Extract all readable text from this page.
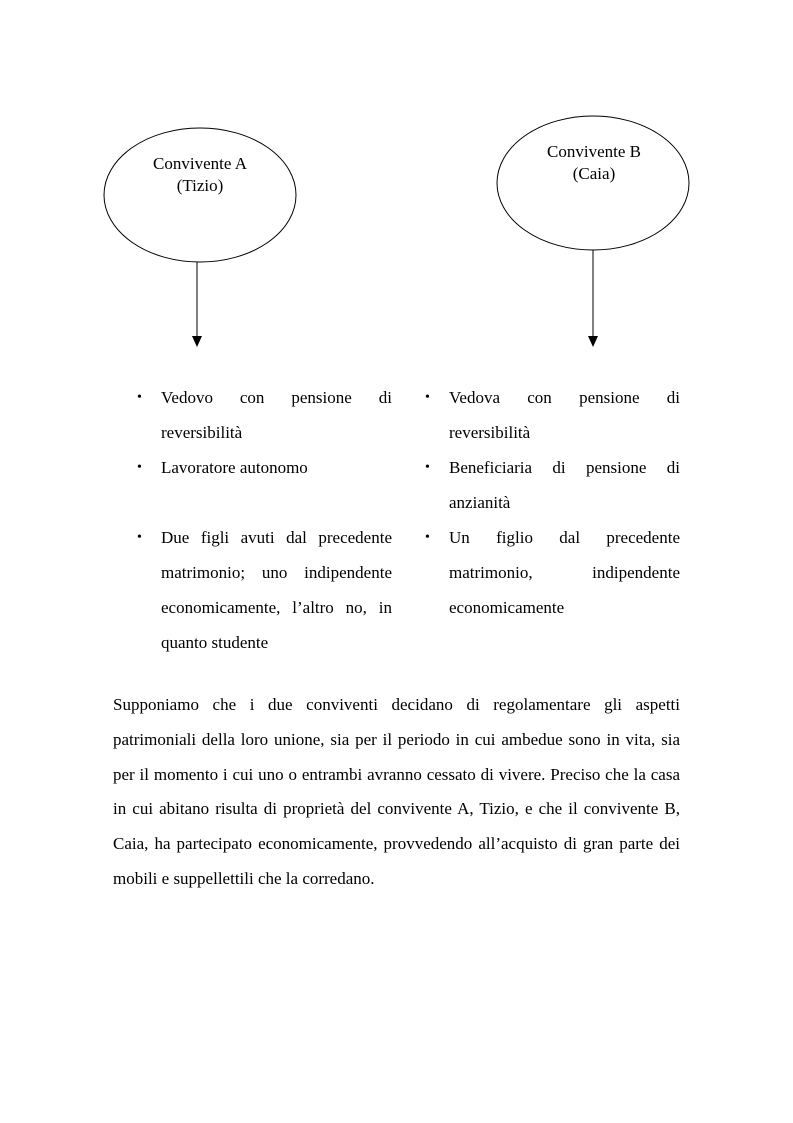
Convivente A
(Tizio)
Convivente B
(Caia)
• Vedovo con pensione di reversibilità
• Lavoratore autonomo
• Due figli avuti dal precedente matrimonio; uno indipendente economicamente, l’altro no, in quanto studente
• Vedova con pensione di reversibilità
• Beneficiaria di pensione di anzianità
• Un figlio dal precedente matrimonio, indipendente economicamente

Supponiamo che i due conviventi decidano di regolamentare gli aspetti patrimoniali della loro unione, sia per il periodo in cui ambedue sono in vita, sia per il momento i cui uno o entrambi avranno cessato di vivere. Preciso che la casa in cui abitano risulta di proprietà del convivente A, Tizio, e che il convivente B, Caia, ha partecipato economicamente, provvedendo all’acquisto di gran parte dei mobili e suppellettili che la corredano.
